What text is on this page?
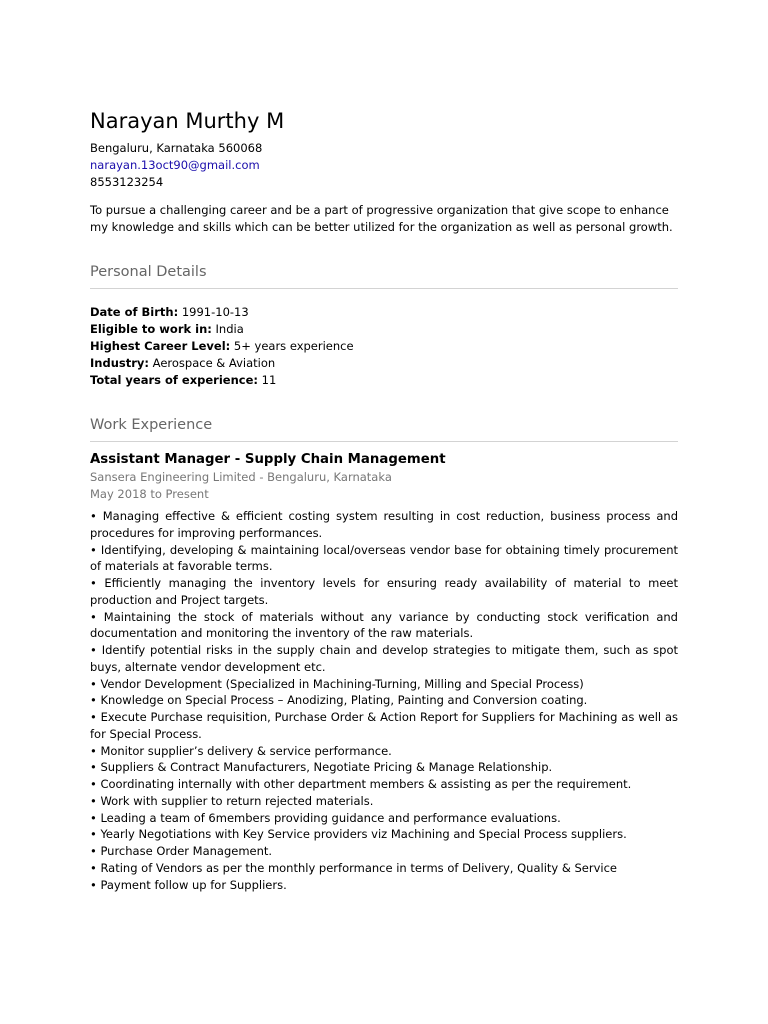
Narayan Murthy M
Bengaluru, Karnataka 560068
narayan.13oct90@gmail.com
8553123254
To pursue a challenging career and be a part of progressive organization that give scope to enhance my knowledge and skills which can be better utilized for the organization as well as personal growth.
Personal Details
Date of Birth: 1991-10-13
Eligible to work in: India
Highest Career Level: 5+ years experience
Industry: Aerospace & Aviation
Total years of experience: 11
Work Experience
Assistant Manager - Supply Chain Management
Sansera Engineering Limited - Bengaluru, Karnataka
May 2018 to Present
• Managing effective & efficient costing system resulting in cost reduction, business process and procedures for improving performances.
• Identifying, developing & maintaining local/overseas vendor base for obtaining timely procurement of materials at favorable terms.
• Efficiently managing the inventory levels for ensuring ready availability of material to meet production and Project targets.
• Maintaining the stock of materials without any variance by conducting stock verification and documentation and monitoring the inventory of the raw materials.
• Identify potential risks in the supply chain and develop strategies to mitigate them, such as spot buys, alternate vendor development etc.
• Vendor Development (Specialized in Machining-Turning, Milling and Special Process)
• Knowledge on Special Process – Anodizing, Plating, Painting and Conversion coating.
• Execute Purchase requisition, Purchase Order & Action Report for Suppliers for Machining as well as for Special Process.
• Monitor supplier’s delivery & service performance.
• Suppliers & Contract Manufacturers, Negotiate Pricing & Manage Relationship.
• Coordinating internally with other department members & assisting as per the requirement.
• Work with supplier to return rejected materials.
• Leading a team of 6members providing guidance and performance evaluations.
• Yearly Negotiations with Key Service providers viz Machining and Special Process suppliers.
• Purchase Order Management.
• Rating of Vendors as per the monthly performance in terms of Delivery, Quality & Service
• Payment follow up for Suppliers.
